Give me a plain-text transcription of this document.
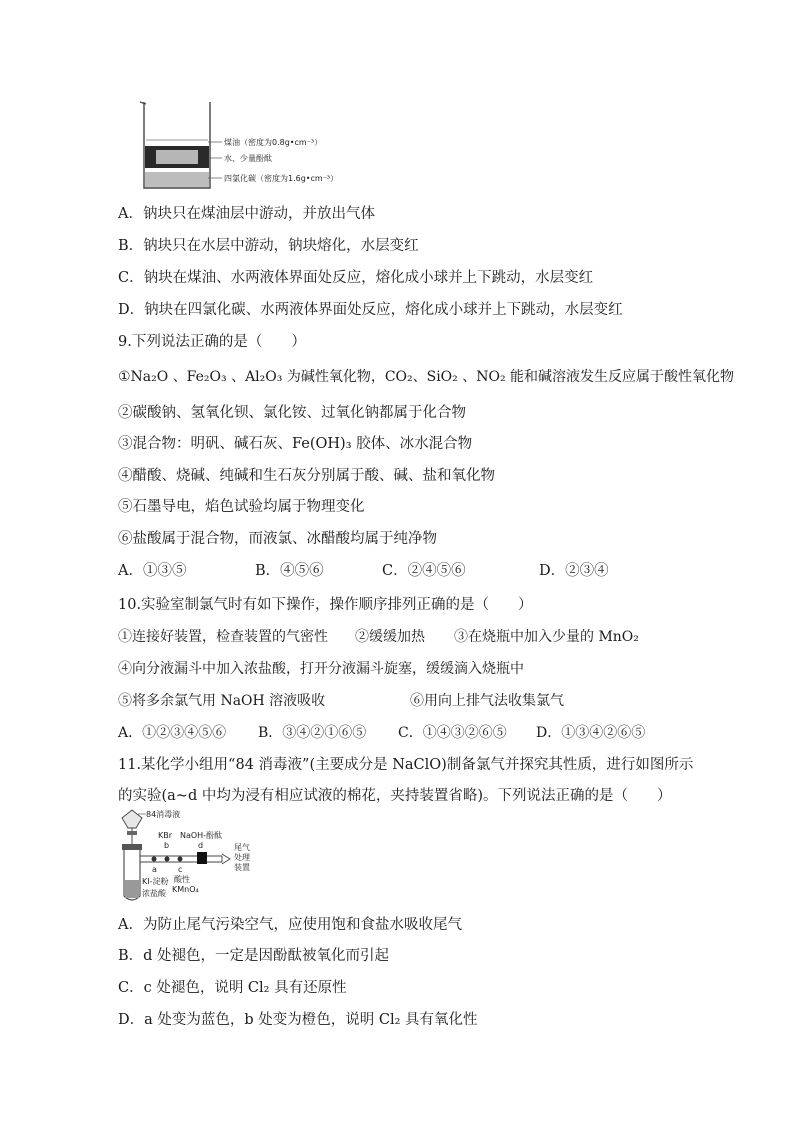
煤油（密度为0.8g•cm⁻³）
水、少量酚酞
四氯化碳（密度为1.6g•cm⁻³）
A．钠块只在煤油层中游动，并放出气体
B．钠块只在水层中游动，钠块熔化，水层变红
C．钠块在煤油、水两液体界面处反应，熔化成小球并上下跳动，水层变红
D．钠块在四氯化碳、水两液体界面处反应，熔化成小球并上下跳动，水层变红
9.下列说法正确的是（　　）
①Na₂O 、Fe₂O₃ 、Al₂O₃ 为碱性氧化物，CO₂、SiO₂ 、NO₂ 能和碱溶液发生反应属于酸性氧化物
②碳酸钠、氢氧化钡、氯化铵、过氧化钠都属于化合物
③混合物：明矾、碱石灰、Fe(OH)₃ 胶体、冰水混合物
④醋酸、烧碱、纯碱和生石灰分别属于酸、碱、盐和氧化物
⑤石墨导电，焰色试验均属于物理变化
⑥盐酸属于混合物，而液氯、冰醋酸均属于纯净物
A．①③⑤	B．④⑤⑥	C．②④⑤⑥	D．②③④
10.实验室制氯气时有如下操作，操作顺序排列正确的是（　　）
①连接好装置，检查装置的气密性 ②缓缓加热 ③在烧瓶中加入少量的 MnO₂
④向分液漏斗中加入浓盐酸，打开分液漏斗旋塞，缓缓滴入烧瓶中
⑤将多余氯气用 NaOH 溶液吸收	⑥用向上排气法收集氯气
A．①②③④⑤⑥ B．③④②①⑥⑤ C．①④③②⑥⑤ D．①③④②⑥⑤
11.某化学小组用“84 消毒液”(主要成分是 NaClO)制备氯气并探究其性质，进行如图所示
的实验(a~d 中均为浸有相应试液的棉花，夹持装置省略)。下列说法正确的是（　　）
84消毒液
KBr NaOH-酚酞
b	d
a	c
尾气
处理
装置
KI-淀粉 酸性
KMnO₄
浓盐酸
A．为防止尾气污染空气，应使用饱和食盐水吸收尾气
B．d 处褪色，一定是因酚酞被氧化而引起
C．c 处褪色，说明 Cl₂ 具有还原性
D．a 处变为蓝色，b 处变为橙色，说明 Cl₂ 具有氧化性
